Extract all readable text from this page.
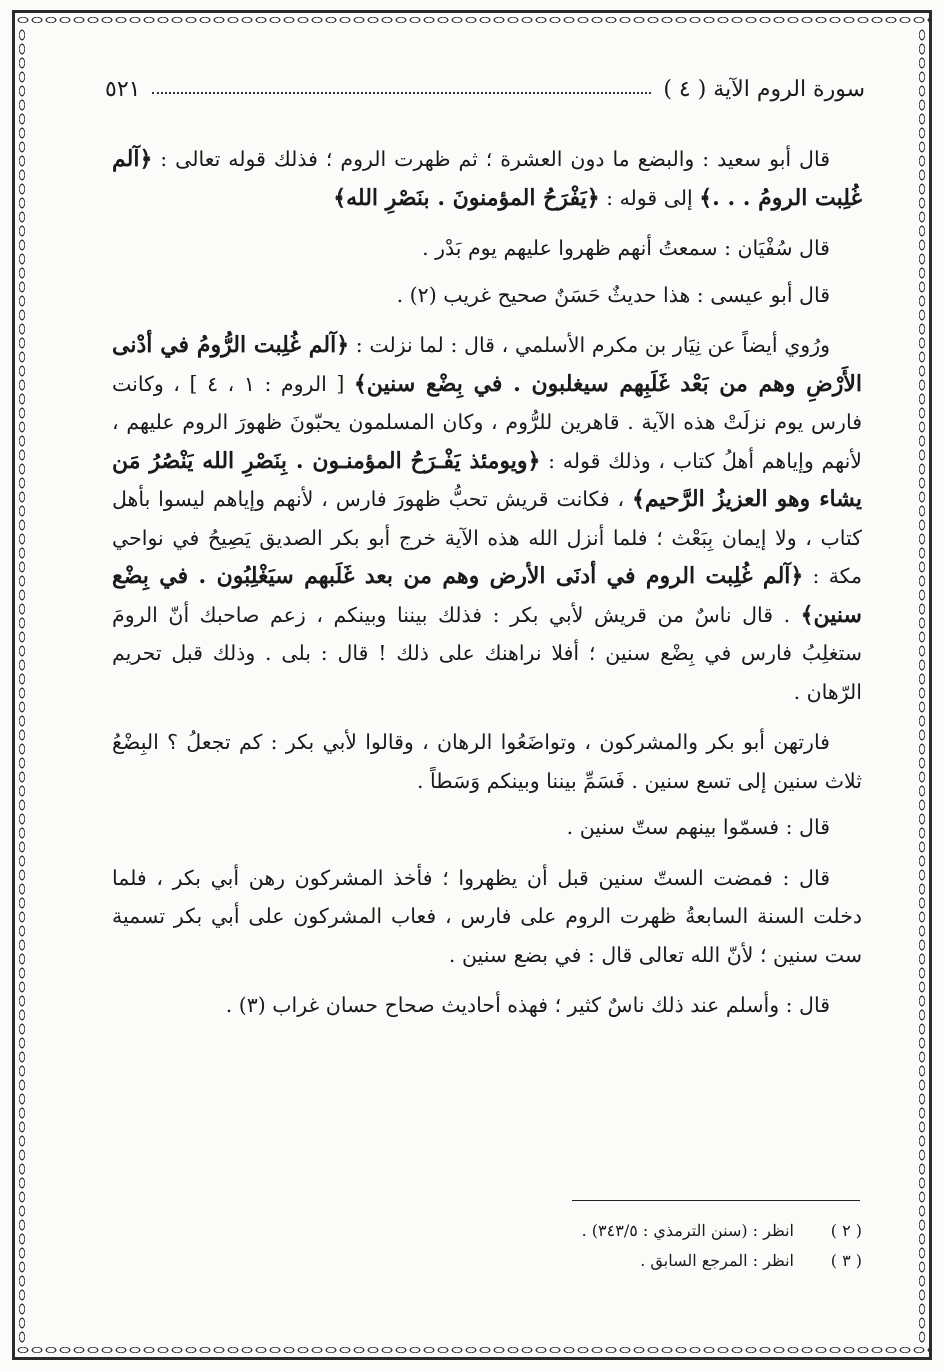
سورة الروم الآية ( ٤ )
٥٢١

قال أبو سعيد : والبضع ما دون العشرة ؛ ثم ظهرت الروم ؛ فذلك قوله تعالى : ﴿آلم غُلِبت الرومُ . . .﴾ إلى قوله : ﴿يَفْرَحُ المؤمنونَ . بنَصْرِ الله﴾

قال سُفْيَان : سمعتُ أنهم ظهروا عليهم يوم بَدْر .

قال أبو عيسى : هذا حديثٌ حَسَنٌ صحيح غريب (٢) .

ورُوي أيضاً عن نِيَار بن مكرم الأسلمي ، قال : لما نزلت : ﴿آلم غُلِبت الرُّومُ في أدْنى الأَرْضِ وهم من بَعْد غَلَبِهم سيغلبون . في بِضْع سنين﴾ [ الروم : ١ ، ٤ ] ، وكانت فارس يوم نزلَتْ هذه الآية . قاهرين للرُّوم ، وكان المسلمون يحبّونَ ظهورَ الروم عليهم ، لأنهم وإياهم أهلُ كتاب ، وذلك قوله : ﴿ويومئذ يَفْـرَحُ المؤمنـون . بِنَصْرِ الله يَنْصُرُ مَن يشاء وهو العزيزُ الرَّحيم﴾ ، فكانت قريش تحبُّ ظهورَ فارس ، لأنهم وإياهم ليسوا بأهل كتاب ، ولا إيمان بِبَعْث ؛ فلما أنزل الله هذه الآية خرج أبو بكر الصديق يَصِيحُ في نواحي مكة : ﴿آلم غُلِبت الروم في أدنَى الأرض وهم من بعد غَلَبهم سيَغْلِبُون . في بِضْع سنين﴾ . قال ناسٌ من قريش لأبي بكر : فذلك بيننا وبينكم ، زعم صاحبك أنّ الرومَ ستغلِبُ فارس في بِضْع سنين ؛ أفلا نراهنك على ذلك ! قال : بلى . وذلك قبل تحريم الرّهان .

فارتهن أبو بكر والمشركون ، وتواضَعُوا الرهان ، وقالوا لأبي بكر : كم تجعلُ ؟ البِضْعُ ثلاث سنين إلى تسع سنين . فَسَمِّ بيننا وبينكم وَسَطاً .

قال : فسمّوا بينهم ستّ سنين .

قال : فمضت الستّ سنين قبل أن يظهروا ؛ فأخذ المشركون رهن أبي بكر ، فلما دخلت السنة السابعةُ ظهرت الروم على فارس ، فعاب المشركون على أبي بكر تسمية ست سنين ؛ لأنّ الله تعالى قال : في بضع سنين .

قال : وأسلم عند ذلك ناسٌ كثير ؛ فهذه أحاديث صحاح حسان غراب (٣) .

( ٢ )
انظر : (سنن الترمذي : ٣٤٣/٥) .
( ٣ )
انظر : المرجع السابق .
